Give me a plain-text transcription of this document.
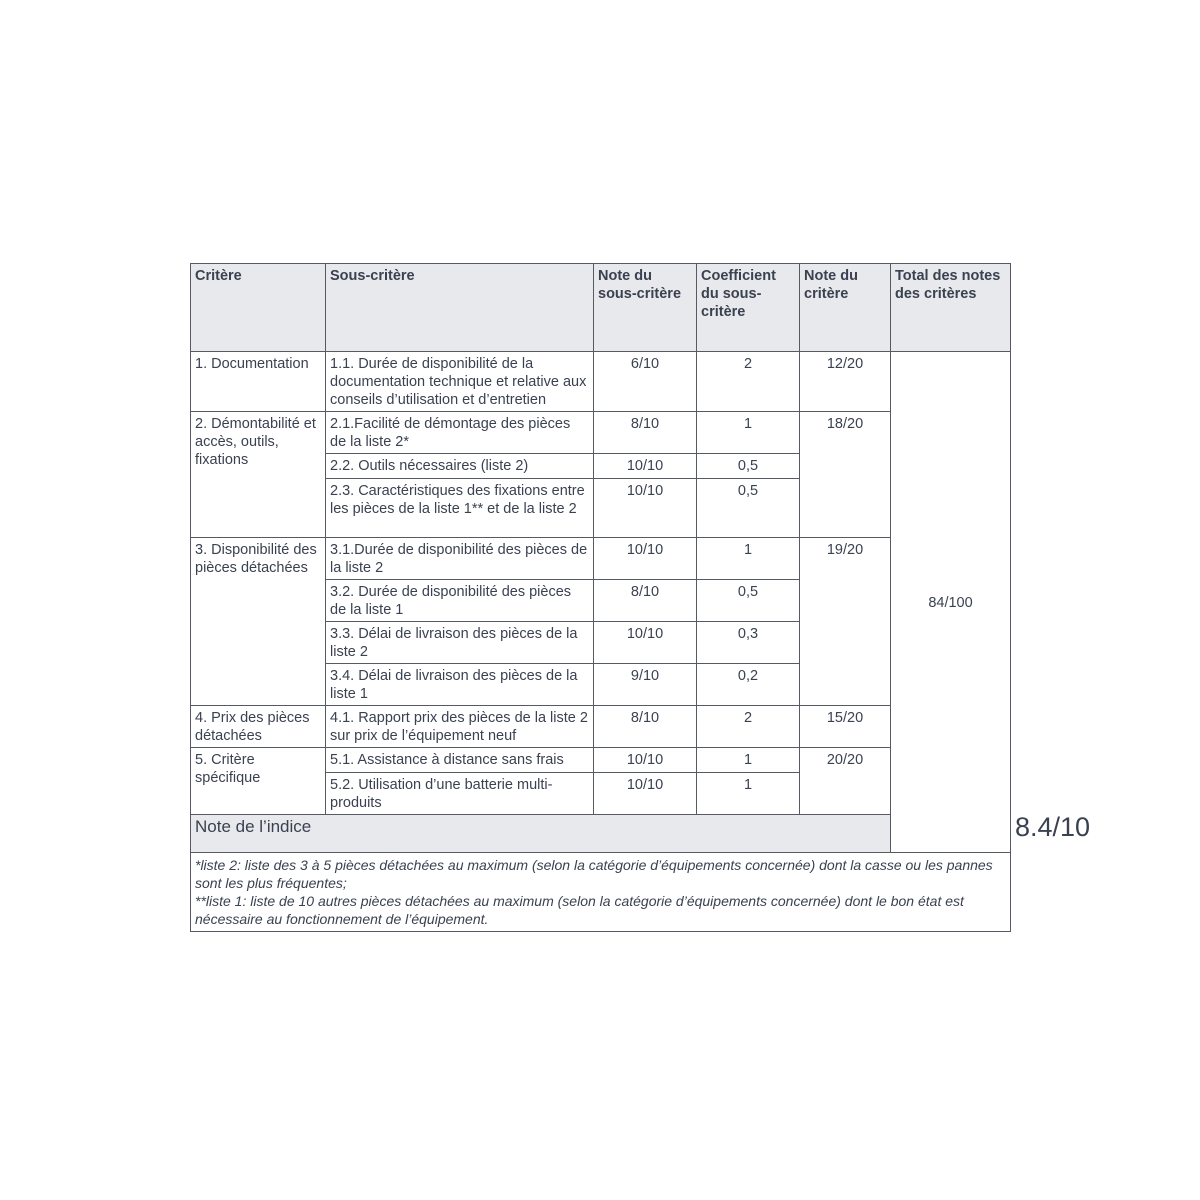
Critère	Sous-critère	Note du sous-critère	Coefficient du sous-critère	Note du critère	Total des notes des critères	
1. Documentation	1.1. Durée de disponibilité de la documentation technique et relative aux conseils d’utilisation et d’entretien	6/10	2	12/20	84/100	
2. Démontabilité et accès, outils, fixations	2.1.Facilité de démontage des pièces de la liste 2*	8/10	1	18/20		
	2.2. Outils nécessaires (liste 2)	10/10	0,5			
	2.3. Caractéristiques des fixations entre les pièces de la liste 1** et de la liste 2	10/10	0,5			
3. Disponibilité des pièces détachées	3.1.Durée de disponibilité des pièces de la liste 2	10/10	1	19/20		
	3.2. Durée de disponibilité des pièces de la liste 1	8/10	0,5			
	3.3. Délai de livraison des pièces de la liste 2	10/10	0,3			
	3.4. Délai de livraison des pièces de la liste 1	9/10	0,2			
4. Prix des pièces détachées	4.1. Rapport prix des pièces de la liste 2 sur prix de l’équipement neuf	8/10	2	15/20		
5. Critère spécifique	5.1. Assistance à distance sans frais	10/10	1	20/20		
	5.2. Utilisation d’une batterie multi-produits	10/10	1			
Note de l’indice						8.4/10

*liste 2: liste des 3 à 5 pièces détachées au maximum (selon la catégorie d’équipements concernée) dont la casse ou les pannes sont les plus fréquentes;
**liste 1: liste de 10 autres pièces détachées au maximum (selon la catégorie d’équipements concernée) dont le bon état est nécessaire au fonctionnement de l’équipement.						
